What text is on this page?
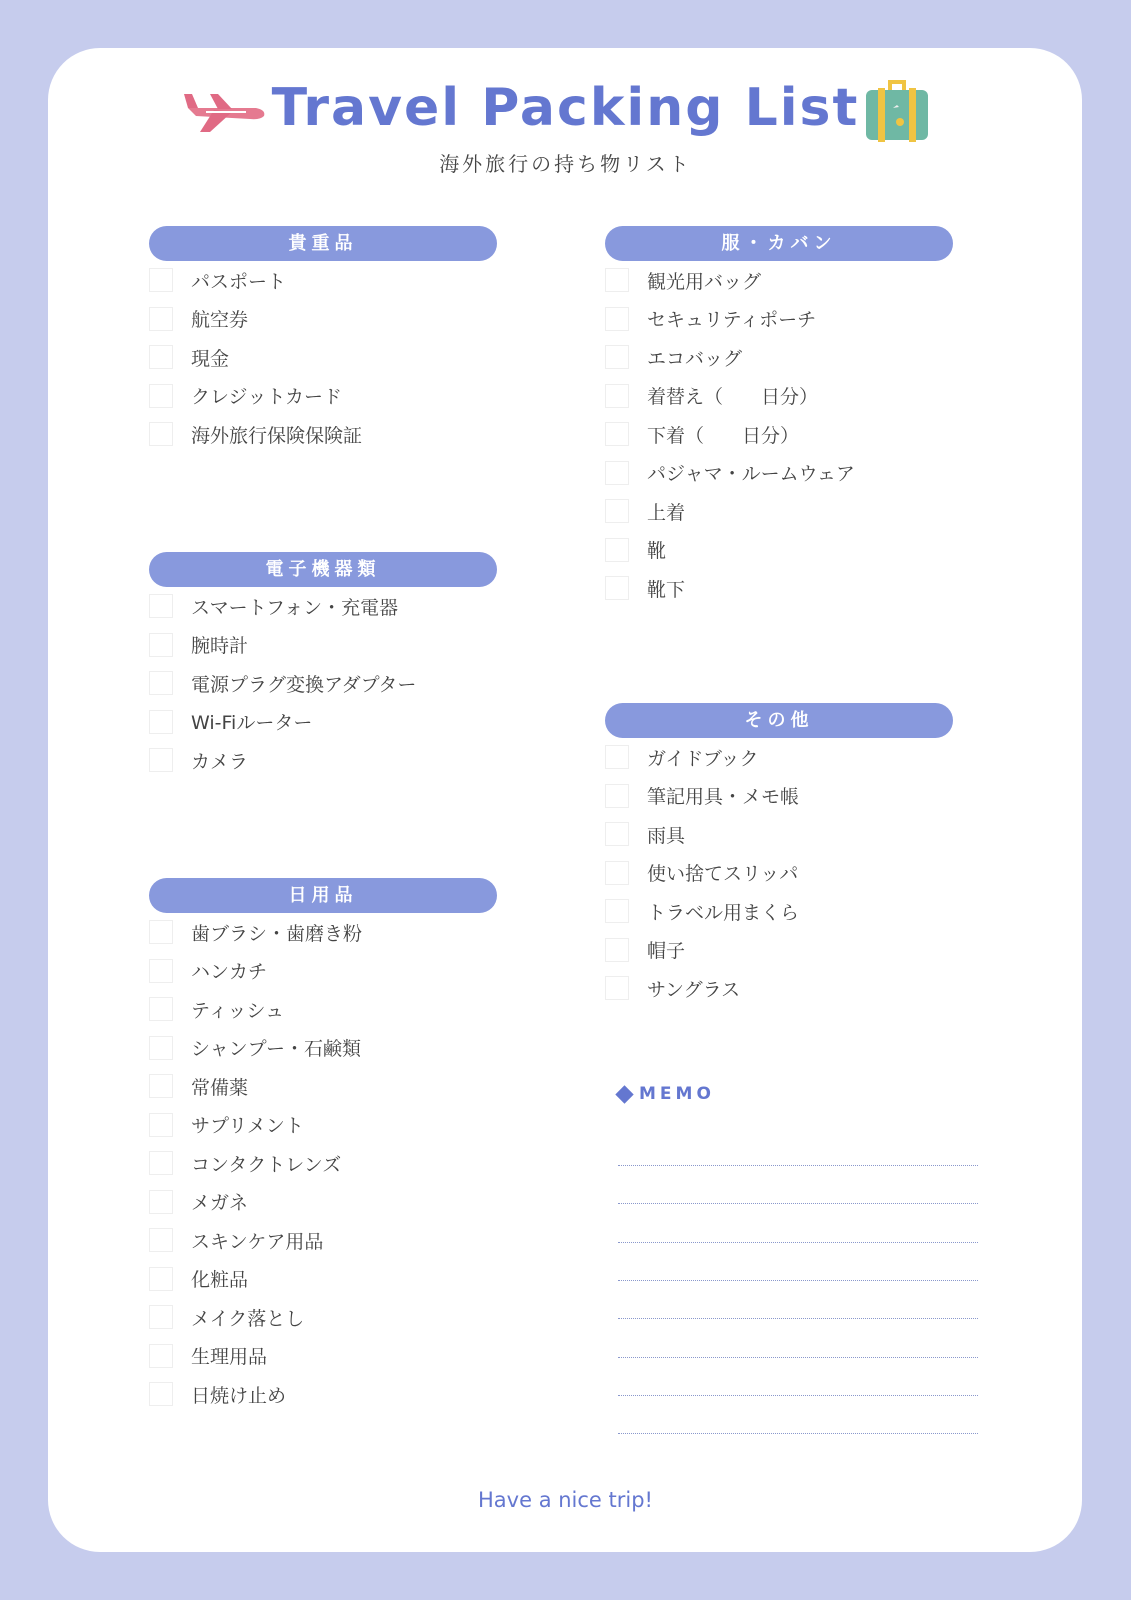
Travel Packing List
海外旅行の持ち物リスト
貴重品
パスポート
航空券
現金
クレジットカード
海外旅行保険保険証
電子機器類
スマートフォン・充電器
腕時計
電源プラグ変換アダプター
Wi-Fiルーター
カメラ
日用品
歯ブラシ・歯磨き粉
ハンカチ
ティッシュ
シャンプー・石鹸類
常備薬
サプリメント
コンタクトレンズ
メガネ
スキンケア用品
化粧品
メイク落とし
生理用品
日焼け止め
服・カバン
観光用バッグ
セキュリティポーチ
エコバッグ
着替え（　　日分）
下着（　　日分）
パジャマ・ルームウェア
上着
靴
靴下
その他
ガイドブック
筆記用具・メモ帳
雨具
使い捨てスリッパ
トラベル用まくら
帽子
サングラス
MEMO
Have a nice trip!
